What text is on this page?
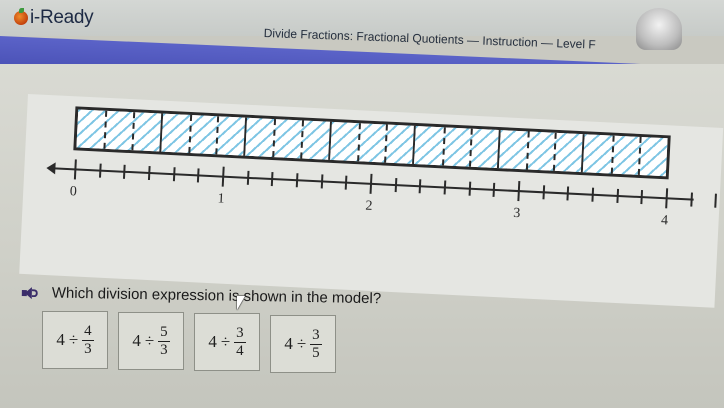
i-Ready
Divide Fractions: Fractional Quotients — Instruction — Level F
0	1	2	3	4
Which division expression is shown in the model?
$4 \div \frac{4}{3} 4 \div \frac{5}{3} 4 \div \frac{3}{4} 4 \div \frac{3}{5}$
